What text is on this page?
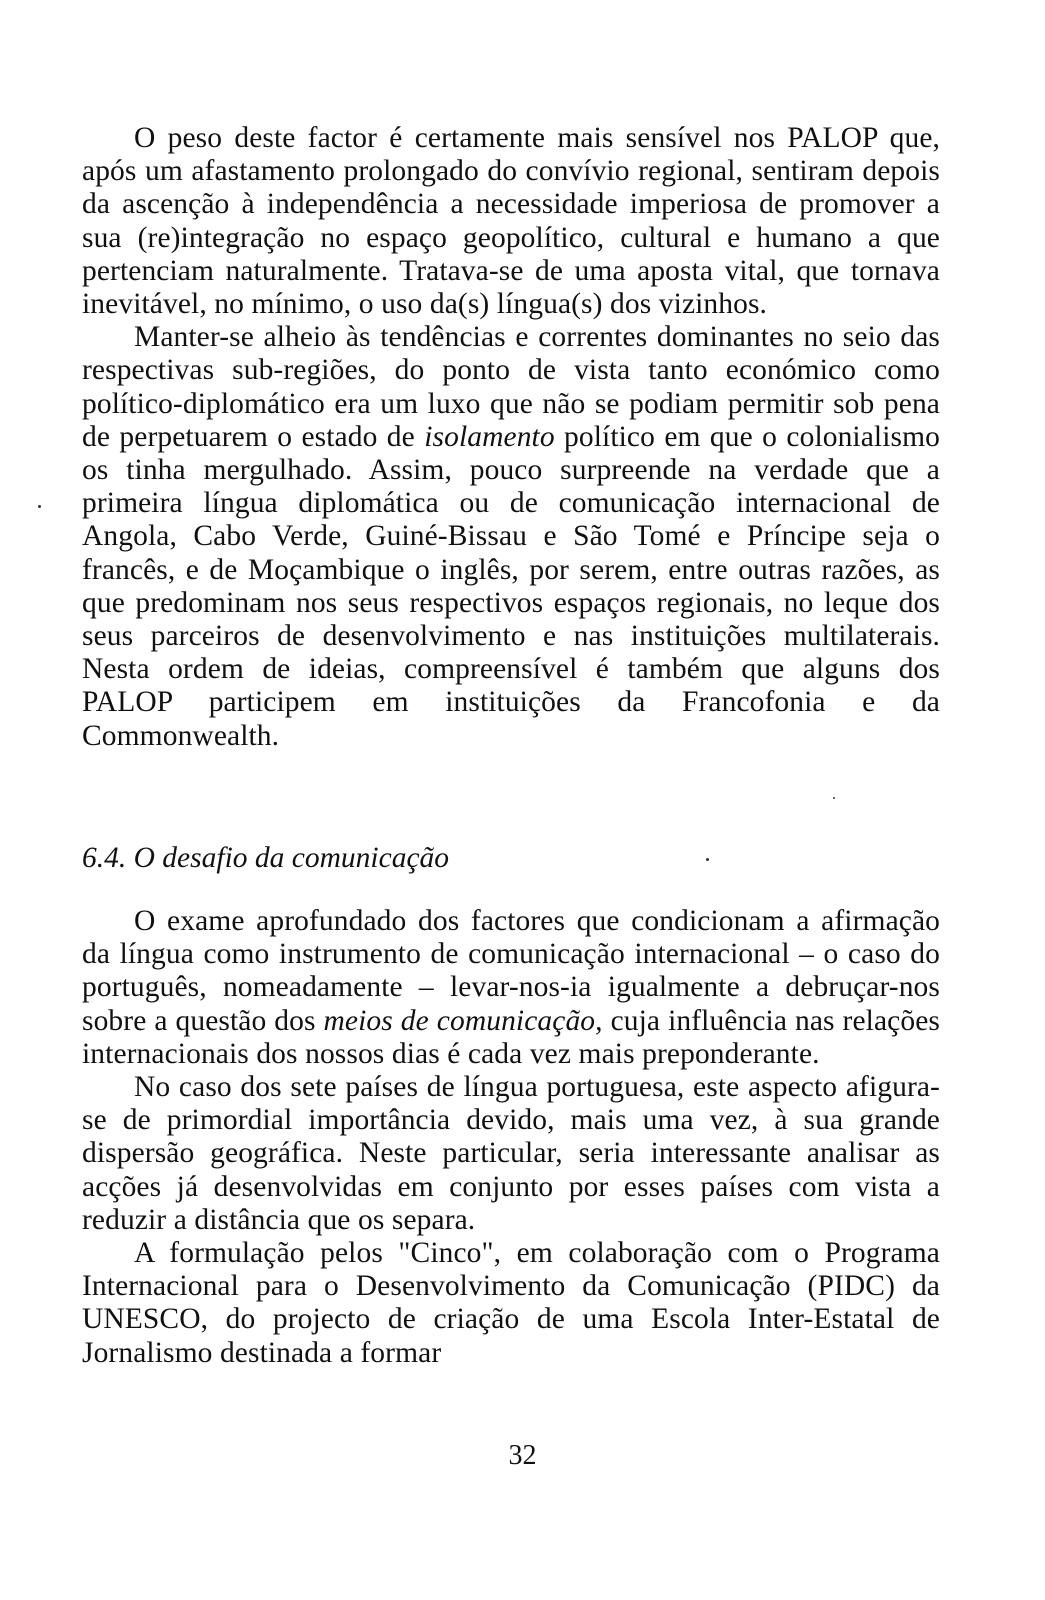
O peso deste factor é certamente mais sensível nos PALOP que, após um afastamento prolongado do convívio regional, sentiram depois da ascenção à independência a necessidade imperiosa de promover a sua (re)integração no espaço geopolítico, cultural e humano a que pertenciam naturalmente. Tratava-se de uma aposta vital, que tornava inevitável, no mínimo, o uso da(s) língua(s) dos vizinhos.

Manter-se alheio às tendências e correntes dominantes no seio das respectivas sub-regiões, do ponto de vista tanto económico como político-diplomático era um luxo que não se podiam permitir sob pena de perpetuarem o estado de isolamento político em que o colonialismo os tinha mergulhado. Assim, pouco surpreende na verdade que a primeira língua diplomática ou de comunicação internacional de Angola, Cabo Verde, Guiné-Bissau e São Tomé e Príncipe seja o francês, e de Moçambique o inglês, por serem, entre outras razões, as que predominam nos seus respectivos espaços regionais, no leque dos seus parceiros de desenvolvimento e nas instituições multilaterais. Nesta ordem de ideias, compreensível é também que alguns dos PALOP participem em instituições da Francofonia e da Commonwealth.

6.4. O desafio da comunicação

O exame aprofundado dos factores que condicionam a afirmação da língua como instrumento de comunicação internacional – o caso do português, nomeadamente – levar-nos-ia igualmente a debruçar-nos sobre a questão dos meios de comunicação, cuja influência nas relações internacionais dos nossos dias é cada vez mais preponderante.

No caso dos sete países de língua portuguesa, este aspecto afigura-se de primordial importância devido, mais uma vez, à sua grande dispersão geográfica. Neste particular, seria interessante analisar as acções já desenvolvidas em conjunto por esses países com vista a reduzir a distância que os separa.

A formulação pelos "Cinco", em colaboração com o Programa Internacional para o Desenvolvimento da Comunicação (PIDC) da UNESCO, do projecto de criação de uma Escola Inter-Estatal de Jornalismo destinada a formar

32
